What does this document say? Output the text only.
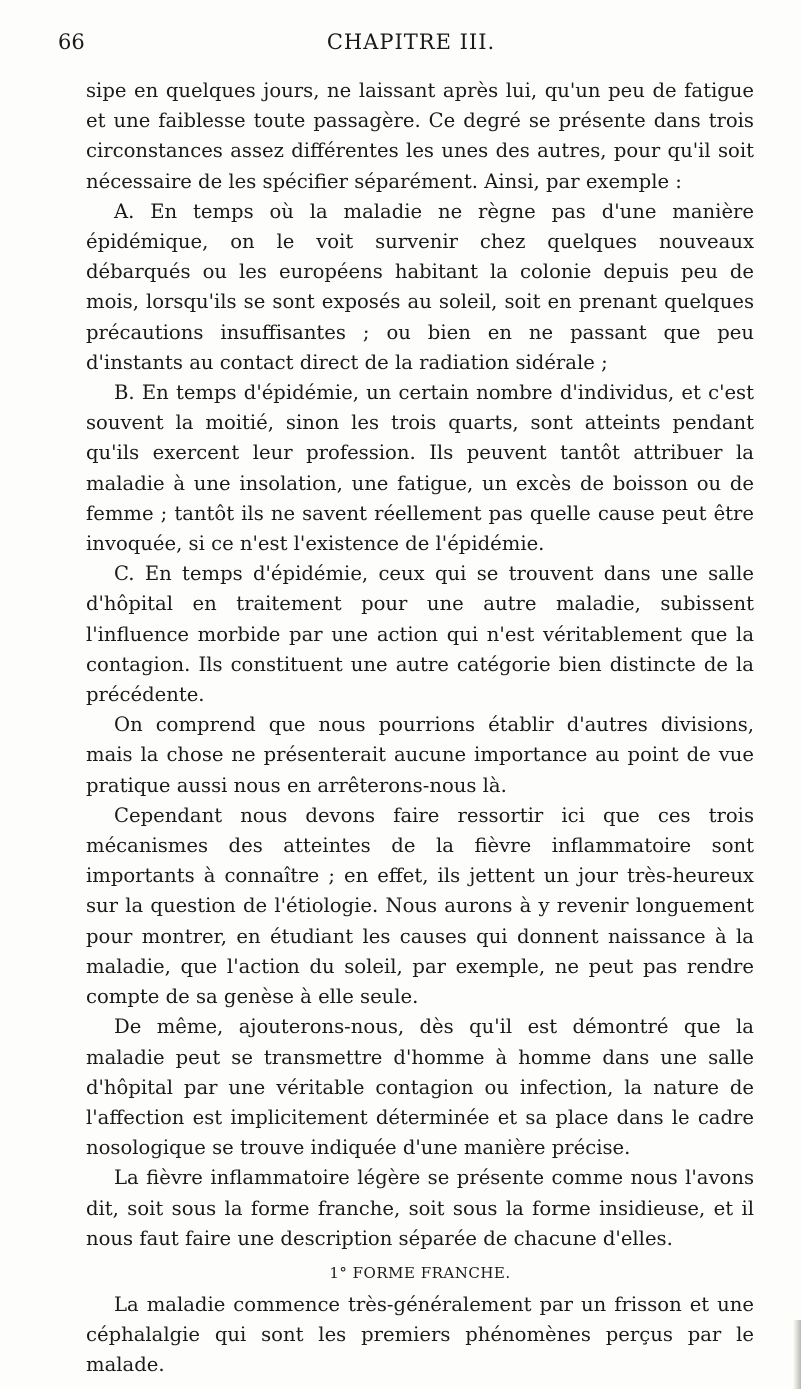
66	CHAPITRE III.

sipe en quelques jours, ne laissant après lui, qu'un peu de fatigue et une faiblesse toute passagère. Ce degré se présente dans trois circonstances assez différentes les unes des autres, pour qu'il soit nécessaire de les spécifier séparément. Ainsi, par exemple :

A. En temps où la maladie ne règne pas d'une manière épidémique, on le voit survenir chez quelques nouveaux débarqués ou les européens habitant la colonie depuis peu de mois, lorsqu'ils se sont exposés au soleil, soit en prenant quelques précautions insuffisantes ; ou bien en ne passant que peu d'instants au contact direct de la radiation sidérale ;

B. En temps d'épidémie, un certain nombre d'individus, et c'est souvent la moitié, sinon les trois quarts, sont atteints pendant qu'ils exercent leur profession. Ils peuvent tantôt attribuer la maladie à une insolation, une fatigue, un excès de boisson ou de femme ; tantôt ils ne savent réellement pas quelle cause peut être invoquée, si ce n'est l'existence de l'épidémie.

C. En temps d'épidémie, ceux qui se trouvent dans une salle d'hôpital en traitement pour une autre maladie, subissent l'influence morbide par une action qui n'est véritablement que la contagion. Ils constituent une autre catégorie bien distincte de la précédente.

On comprend que nous pourrions établir d'autres divisions, mais la chose ne présenterait aucune importance au point de vue pratique aussi nous en arrêterons-nous là.

Cependant nous devons faire ressortir ici que ces trois mécanismes des atteintes de la fièvre inflammatoire sont importants à connaître ; en effet, ils jettent un jour très-heureux sur la question de l'étiologie. Nous aurons à y revenir longuement pour montrer, en étudiant les causes qui donnent naissance à la maladie, que l'action du soleil, par exemple, ne peut pas rendre compte de sa genèse à elle seule.

De même, ajouterons-nous, dès qu'il est démontré que la maladie peut se transmettre d'homme à homme dans une salle d'hôpital par une véritable contagion ou infection, la nature de l'affection est implicitement déterminée et sa place dans le cadre nosologique se trouve indiquée d'une manière précise.

La fièvre inflammatoire légère se présente comme nous l'avons dit, soit sous la forme franche, soit sous la forme insidieuse, et il nous faut faire une description séparée de chacune d'elles.

1° FORME FRANCHE.

La maladie commence très-généralement par un frisson et une céphalalgie qui sont les premiers phénomènes perçus par le malade.
